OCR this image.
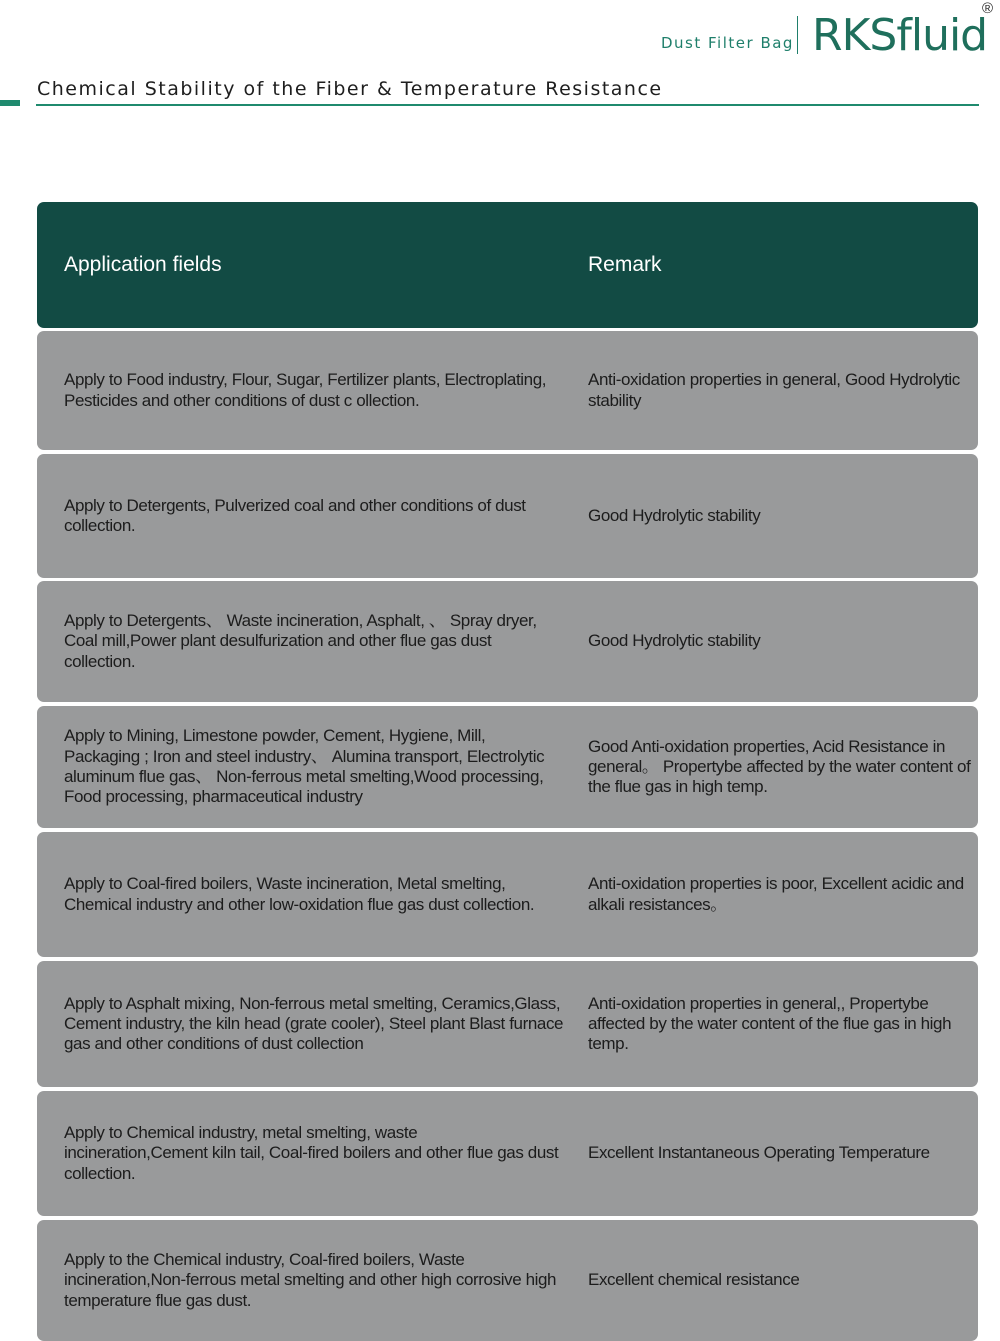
Dust Filter Bag RKSfluid
®
Chemical Stability of the Fiber & Temperature Resistance
Application fields	Remark
Apply to Food industry, Flour, Sugar, Fertilizer plants, Electroplating, Pesticides and other conditions of dust c ollection.
Anti-oxidation properties in general, Good Hydrolytic stability
Apply to Detergents, Pulverized coal and other conditions of dust collection.
Good Hydrolytic stability
Apply to Detergents、 Waste incineration, Asphalt, 、 Spray dryer, Coal mill,Power plant desulfurization and other flue gas dust collection.
Good Hydrolytic stability
Apply to Mining, Limestone powder, Cement, Hygiene, Mill, Packaging ; Iron and steel industry、 Alumina transport, Electrolytic aluminum flue gas、 Non-ferrous metal smelting,Wood processing, Food processing, pharmaceutical industry
Good Anti-oxidation properties, Acid Resistance in general。 Propertybe affected by the water content of the flue gas in high temp.
Apply to Coal-fired boilers, Waste incineration, Metal smelting, Chemical industry and other low-oxidation flue gas dust collection.
Anti-oxidation properties is poor, Excellent acidic and alkali resistances。
Apply to Asphalt mixing, Non-ferrous metal smelting, Ceramics,Glass, Cement industry, the kiln head (grate cooler), Steel plant Blast furnace gas and other conditions of dust collection
Anti-oxidation properties in general,, Propertybe affected by the water content of the flue gas in high temp.
Apply to Chemical industry, metal smelting, waste incineration,Cement kiln tail, Coal-fired boilers and other flue gas dust collection.
Excellent Instantaneous Operating Temperature
Apply to the Chemical industry, Coal-fired boilers, Waste incineration,Non-ferrous metal smelting and other high corrosive high temperature flue gas dust.
Excellent chemical resistance
